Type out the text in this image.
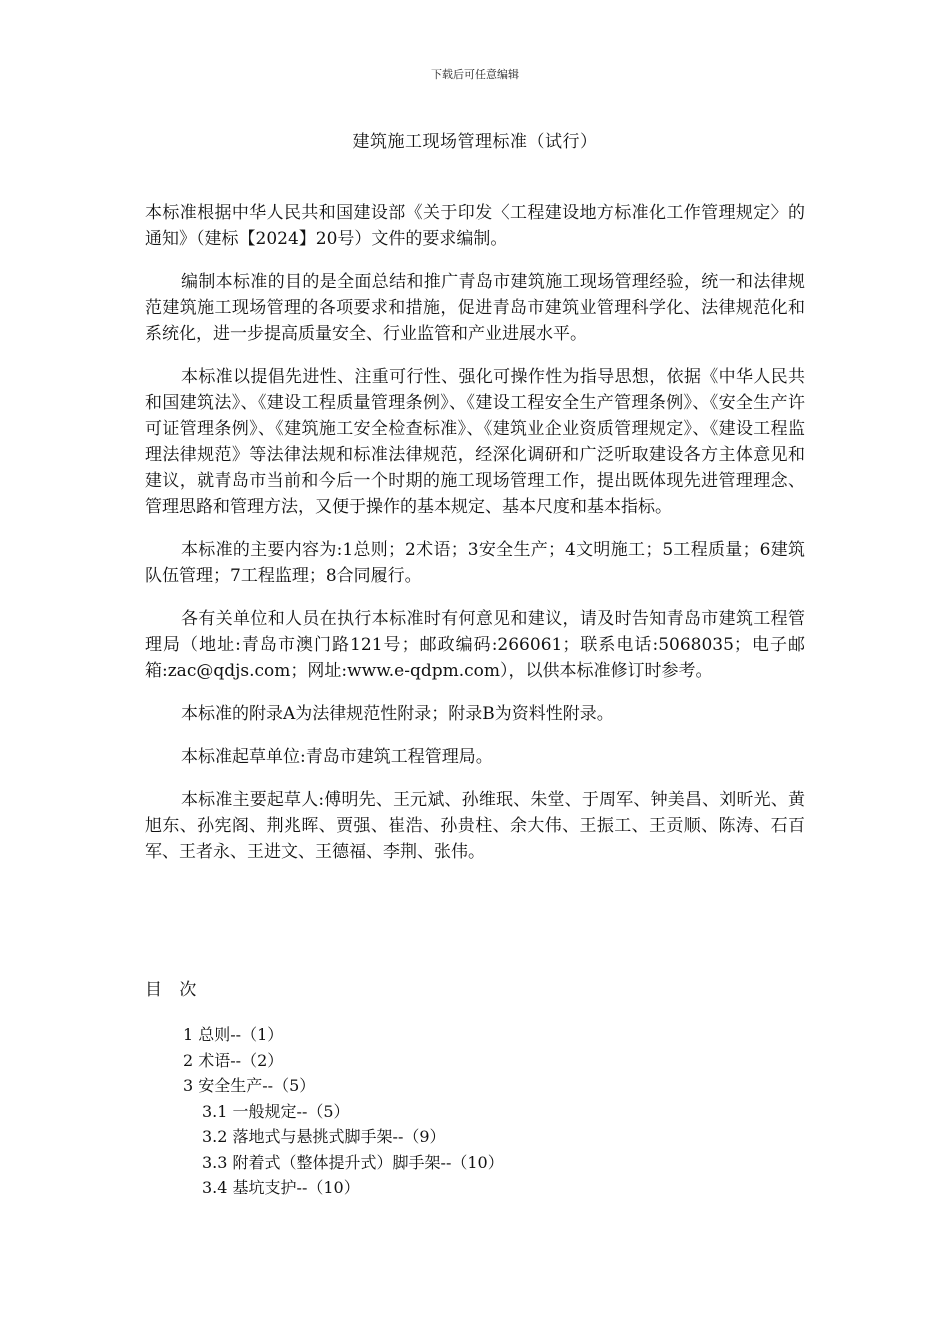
下载后可任意编辑
建筑施工现场管理标准（试行）

本标准根据中华人民共和国建设部《关于印发〈工程建设地方标准化工作管理规定〉的通知》（建标【2024】20号）文件的要求编制。

编制本标准的目的是全面总结和推广青岛市建筑施工现场管理经验，统一和法律规范建筑施工现场管理的各项要求和措施，促进青岛市建筑业管理科学化、法律规范化和系统化，进一步提高质量安全、行业监管和产业进展水平。

本标准以提倡先进性、注重可行性、强化可操作性为指导思想，依据《中华人民共和国建筑法》、《建设工程质量管理条例》、《建设工程安全生产管理条例》、《安全生产许可证管理条例》、《建筑施工安全检查标准》、《建筑业企业资质管理规定》、《建设工程监理法律规范》等法律法规和标准法律规范，经深化调研和广泛听取建设各方主体意见和建议，就青岛市当前和今后一个时期的施工现场管理工作，提出既体现先进管理理念、管理思路和管理方法，又便于操作的基本规定、基本尺度和基本指标。

本标准的主要内容为:1总则；2术语；3安全生产；4文明施工；5工程质量；6建筑队伍管理；7工程监理；8合同履行。

各有关单位和人员在执行本标准时有何意见和建议，请及时告知青岛市建筑工程管理局（地址:青岛市澳门路121号；邮政编码:266061；联系电话:5068035；电子邮箱:zac@qdjs.com；网址:www.e-qdpm.com），以供本标准修订时参考。

本标准的附录A为法律规范性附录；附录B为资料性附录。

本标准起草单位:青岛市建筑工程管理局。

本标准主要起草人:傅明先、王元斌、孙维珉、朱堂、于周军、钟美昌、刘昕光、黄旭东、孙宪阁、荆兆晖、贾强、崔浩、孙贵柱、余大伟、王振工、王贡顺、陈涛、石百军、王者永、王进文、王德福、李荆、张伟。

目 次
1 总则--（1）
2 术语--（2）
3 安全生产--（5）
3.1 一般规定--（5）
3.2 落地式与悬挑式脚手架--（9）
3.3 附着式（整体提升式）脚手架--（10）
3.4 基坑支护--（10）
